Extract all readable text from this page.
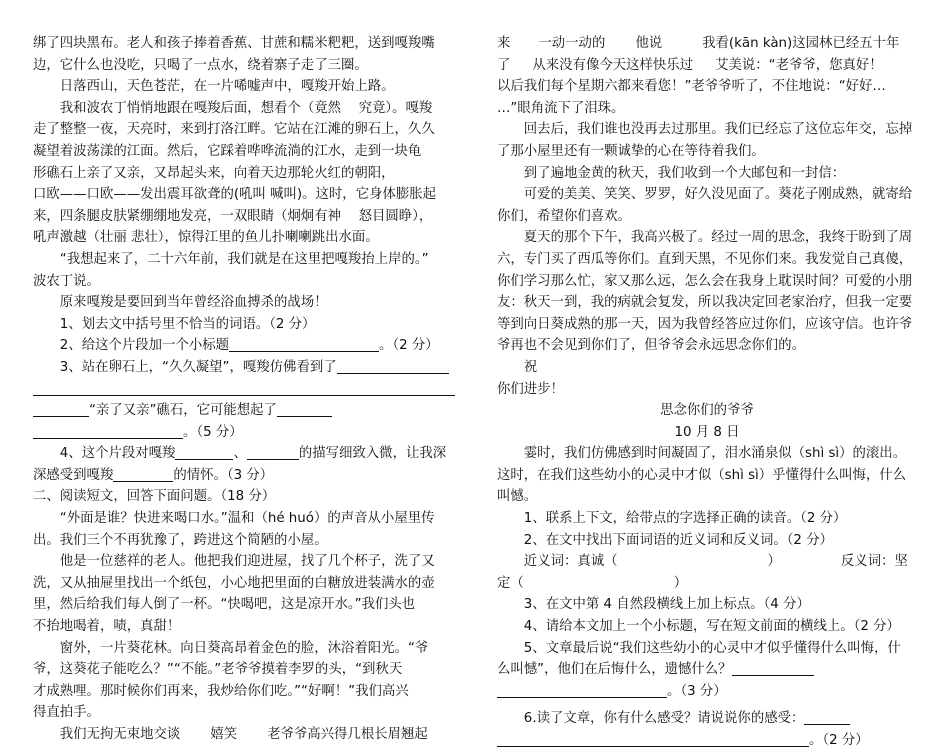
绑了四块黑布。老人和孩子捧着香蕉、甘蔗和糯米粑粑，送到嘎羧嘴

边，它什么也没吃，只喝了一点水，绕着寨子走了三圈。

日落西山，天色苍茫，在一片唏嘘声中，嘎羧开始上路。

我和波农丁悄悄地跟在嘎羧后面，想看个（竟然　 究竟）。嘎羧

走了整整一夜，天亮时，来到打洛江畔。它站在江滩的卵石上，久久

凝望着波荡漾的江面。然后，它踩着哗哗流淌的江水，走到一块龟

形礁石上亲了又亲，又昂起头来，向着天边那轮火红的朝阳，

口欧——口欧——发出震耳欲聋的(吼叫 喊叫)。这时，它身体膨胀起

来，四条腿皮肤紧绷绷地发亮，一双眼睛（炯炯有神　 怒目圆睁），

吼声激越（壮丽 悲壮），惊得江里的鱼儿扑喇喇跳出水面。

“我想起来了，二十六年前，我们就是在这里把嘎羧抬上岸的。”

波农丁说。

原来嘎羧是要回到当年曾经浴血搏杀的战场！

1、划去文中括号里不恰当的词语。（2 分）

2、给这个片段加一个小标题	。（2 分）

3、站在卵石上，“久久凝望”，嘎羧仿佛看到了

“亲了又亲”礁石，它可能想起了

。（5 分）

4、这个片段对嘎羧	、	的描写细致入微，让我深

深感受到嘎羧	的情怀。（3 分）

二、阅读短文，回答下面问题。（18 分）

“外面是谁？快进来喝口水。”温和（hé huó）的声音从小屋里传

出。我们三个不再犹豫了，跨进这个简陋的小屋。

他是一位慈祥的老人。他把我们迎进屋，找了几个杯子，洗了又

洗，又从抽屉里找出一个纸包，小心地把里面的白糖放进装满水的壶

里，然后给我们每人倒了一杯。“快喝吧，这是凉开水。”我们头也

不抬地喝着，啧，真甜！

窗外，一片葵花林。向日葵高昂着金色的脸，沐浴着阳光。“爷

爷，这葵花子能吃么？”“不能。”老爷爷摸着李罗的头，“到秋天

才成熟哩。那时候你们再来，我炒给你们吃。”“好啊！”我们高兴

得直拍手。

我们无拘无束地交谈 嬉笑 老爷爷高兴得几根长眉翘起

来 一动一动的 他说	我看(kān kàn)这园林已经五十年

了 从来没有像今天这样快乐过 艾美说：“老爷爷，您真好！

以后我们每个星期六都来看您！”老爷爷听了，不住地说：“好好…

…”眼角流下了泪珠。

回去后，我们谁也没再去过那里。我们已经忘了这位忘年交，忘掉

了那小屋里还有一颗诚挚的心在等待着我们。

到了遍地金黄的秋天，我们收到一个大邮包和一封信：

可爱的美美、笑笑、罗罗，好久没见面了。葵花子刚成熟，就寄给

你们，希望你们喜欢。

夏天的那个下午，我高兴极了。经过一周的思念，我终于盼到了周

六，专门买了西瓜等你们。直到天黑，不见你们来。我发觉自己真傻，

你们学习那么忙，家又那么远，怎么会在我身上耽误时间？可爱的小朋

友：秋天一到，我的病就会复发，所以我决定回老家治疗，但我一定要

等到向日葵成熟的那一天，因为我曾经答应过你们，应该守信。也许爷

爷再也不会见到你们了，但爷爷会永远思念你们的。

祝

你们进步！

思念你们的爷爷

10 月 8 日

霎时，我们仿佛感到时间凝固了，泪水涌泉似（shì sì）的滚出。

这时，在我们这些幼小的心灵中才似（shì sì）乎懂得什么叫悔，什么

叫憾。

1、联系上下文，给带点的字选择正确的读音。（2 分）

2、在文中找出下面词语的近义词和反义词。（2 分）

近义词：真诚（	）	反义词：坚

定（	）

3、在文中第 4 自然段横线上加上标点。（4 分）

4、请给本文加上一个小标题，写在短文前面的横线上。（2 分）

5、文章最后说“我们这些幼小的心灵中才似乎懂得什么叫悔，什

么叫憾”，他们在后悔什么，遗憾什么？

。（3 分）

6.读了文章，你有什么感受？请说说你的感受：

。（2 分）
